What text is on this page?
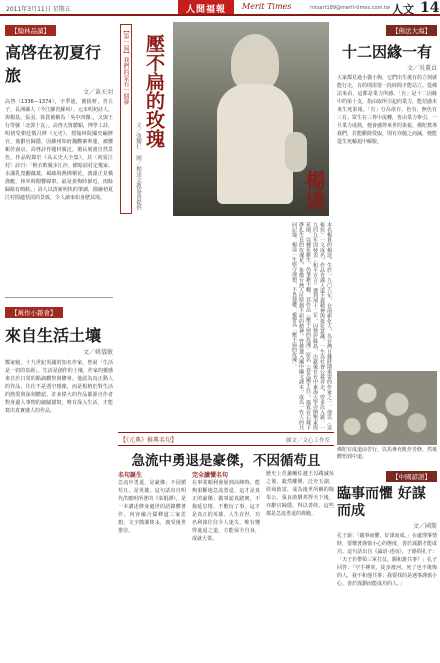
2011年3月11日 星期五	人間福報	Merit Times	mtsart189@merit-times.com.tw 人文 14
【翰林品讀】
高啓在初夏行旅
文／黃天羽
高啓（1336—1374），字季迪，號槎軒，青丘子，長洲縣人（今江蘇省蘇州）。元末明初詩人，與楊基、張羽、徐賁被稱為「吳中四傑」，又與王行等號「北郭十友」。高啓天資聰穎，博學工詩，明初受朝廷徵召修《元史》，授翰林院國史編修官，後辭官歸隱，因蘇州知府魏觀案牽連，被腰斬於南京。高啓詩作題材廣泛，擅長刻畫自然景色，作品收錄於《高太史大全集》。其〈初夏江村〉詩曰：「輕衣軟履步江沙，樹暗前村定幾家。水滿乳鳧翻藕葉，風疏飛燕拂桐花。渡頭正見橫漁艇，林外時聞響緯車。最是黃梅時節近，雨餘歸路有鳴蛙。」詩人以清新明快的筆調，描繪初夏江村閒適恬淡的景致，令人讀來如身歷其境。
【萬作小雜會】
來自生活土壤
文／姚儀敏
鄭家魁，十九世紀英國的知名作家，曾說「生活是一切的泉源」。生活是創作的土壤，作家的靈感來自於日常的點滴觀察與體會。他認為真正動人的作品，往往不是憑空想像，而是根植於對生活的熱愛與深刻體認。許多偉大的作品都源自作者對身邊人事物的細膩描寫，唯有深入生活，才能寫出真實感人的作品。
【第一屆】我們的家有一個夢
文／張耀仁　圖／楊逵文教協會提供
壓不扁的玫瑰
楊逵
本名楊貴的楊逵，生於一九〇六年，台南新化人，為台灣日據時期重要的作家之一。他以〈送報伕〉一文成名，作品充滿人道主義精神與抵抗意識，一生為社會公義奔走，曾多次入獄。一九四九年因發表〈和平宣言〉遭判刑十二年，囚禁於綠島。出獄後在台中東海大學旁開墾東海花園，以種花維生，仍筆耕不輟。其作品〈壓不扁的玫瑰〉原名〈春光關不住〉，描寫在石塊下掙扎生長的玫瑰花，象徵台灣人民堅韌不屈的精神，曾被選入國中國文課本，成為一代人的共同記憶。楊逵一生堅守理想，不畏強權，被譽為「壓不扁的玫瑰」。
【《元典》推典名句】	圖文／文心工作室
急流中勇退是豪傑，不因循苟且
名句誕生
急流中勇退，是豪傑；不因循苟且，是英雄。這句話出自明代洪應明所著的《菜根譚》，是一本講述修身處世的語錄體著作，內容融合儒釋道三家思想，文字簡潔雋永，廣受後世推崇。
完全讀懂名句
在事業順利發展到高峰時，能夠果斷地急流勇退，這才是真正的豪傑；做事認真踏實，不拖延怠惰、不敷衍了事，這才是真正的英雄。人生在世，功名利祿往往令人迷失，唯有懂得進退之道，方能保全自身，成就大業。
歷史上范蠡輔佐越王勾踐滅吳之後，毅然離開，泛舟五湖，經商致富，成為後世所稱的陶朱公。張良助劉邦得天下後，亦辭官歸隱，得以善終。這些都是急流勇退的典範。
【佛法大海】
十二因緣一有
文／吳蓋貞
大家都見過小貓小狗，它們出生後有的立刻就能行走，有的則需要一段時間才能站立。從佛法來看，這都是業力所感。「有」是十二因緣中的第十支，指由取所引起的業力，能招感未來生死果報。「有」分為欲有、色有、無色有三有。眾生在三界中流轉，皆由業力牽引，一旦業力成熟，便會感得來世的果報。佛陀教導我們，若能斷除愛取，則有亦隨之而滅，便能從生死輪迴中解脫。
佛陀在成道前苦行，以馬麥充飢作苦修，然後體悟到中道。
【中國諺語】
臨事而懼 好謀而成
文／國斯
孔子說：「臨事而懼，好謀而成。」在處理事情時，要懷著謹慎小心的態度，善於謀劃才能成功。這句話出自《論語·述而》。子路問孔子：「夫子若帶領三軍打仗，願和誰共事？」孔子回答：「空手搏虎、徒步渡河，死了也不後悔的人，我不和他共事；我要找的是遇事謹慎小心、善於謀劃而能成功的人。」
